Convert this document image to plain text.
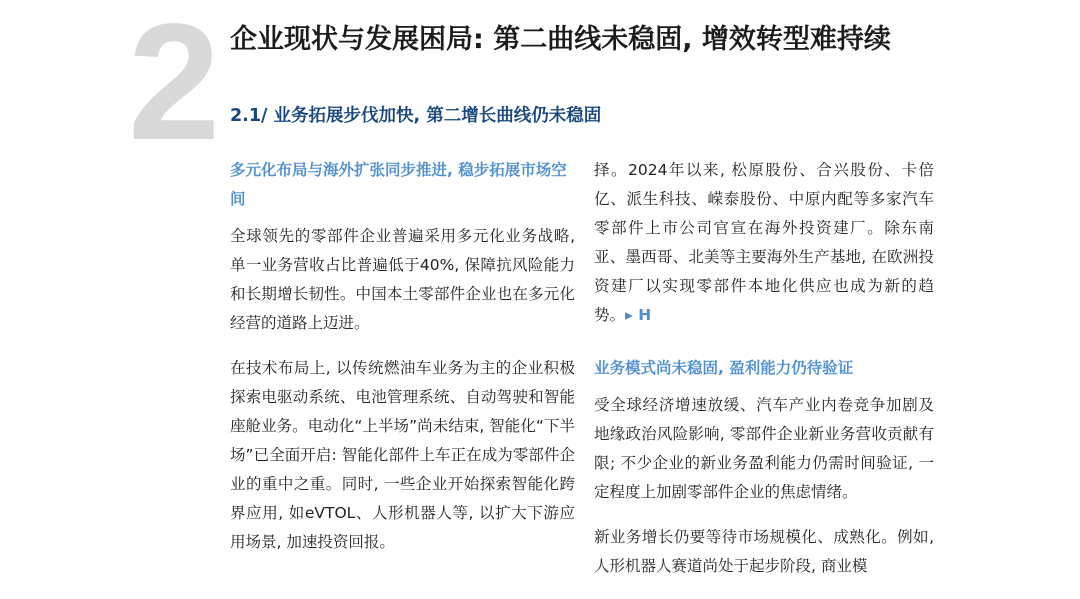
2 企业现状与发展困局: 第二曲线未稳固, 增效转型难持续
2.1/ 业务拓展步伐加快, 第二增长曲线仍未稳固
多元化布局与海外扩张同步推进, 稳步拓展市场空间

全球领先的零部件企业普遍采用多元化业务战略, 单一业务营收占比普遍低于40%, 保障抗风险能力和长期增长韧性。中国本土零部件企业也在多元化经营的道路上迈进。

在技术布局上, 以传统燃油车业务为主的企业积极探索电驱动系统、电池管理系统、自动驾驶和智能座舱业务。电动化“上半场”尚未结束, 智能化“下半场”已全面开启: 智能化部件上车正在成为零部件企业的重中之重。同时, 一些企业开始探索智能化跨界应用, 如eVTOL、人形机器人等, 以扩大下游应用场景, 加速投资回报。

择。2024年以来, 松原股份、合兴股份、卡倍亿、派生科技、嵘泰股份、中原内配等多家汽车零部件上市公司官宣在海外投资建厂。除东南亚、墨西哥、北美等主要海外生产基地, 在欧洲投资建厂以实现零部件本地化供应也成为新的趋势。▸ H

业务模式尚未稳固, 盈利能力仍待验证

受全球经济增速放缓、汽车产业内卷竞争加剧及地缘政治风险影响, 零部件企业新业务营收贡献有限; 不少企业的新业务盈利能力仍需时间验证, 一定程度上加剧零部件企业的焦虑情绪。

新业务增长仍要等待市场规模化、成熟化。例如, 人形机器人赛道尚处于起步阶段, 商业模
